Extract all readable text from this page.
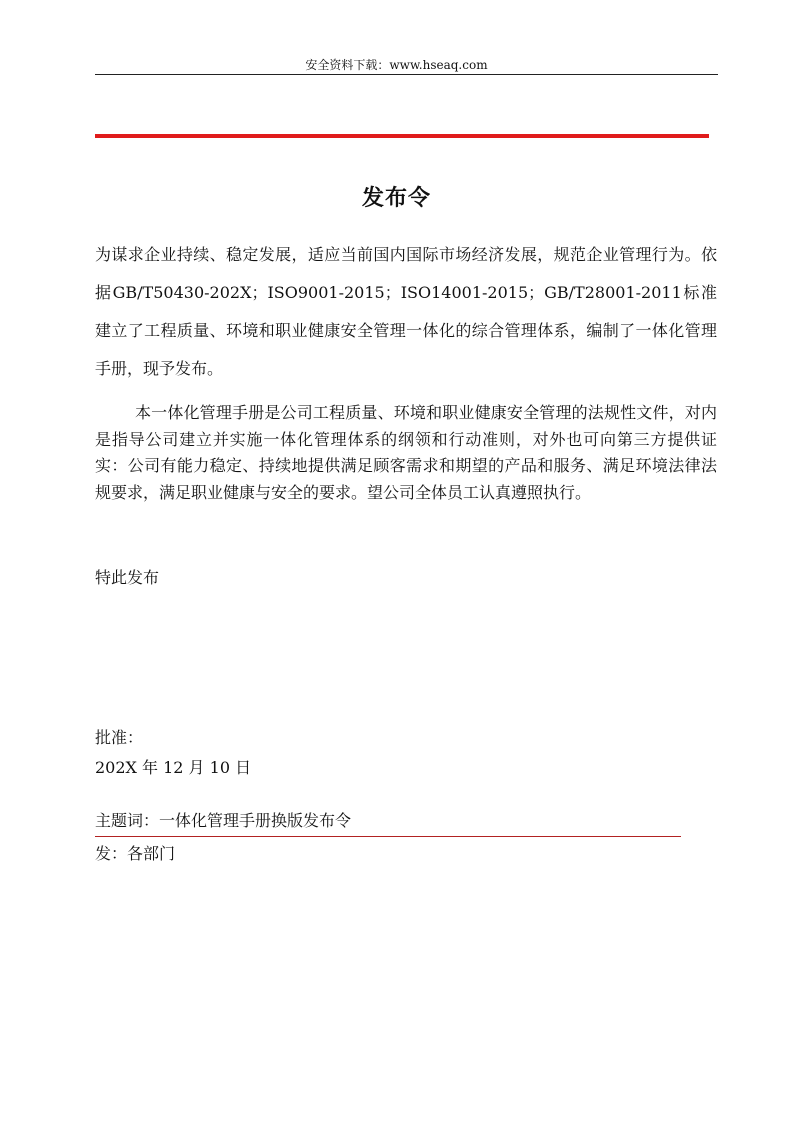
安全资料下载：www.hseaq.com
发布令

为谋求企业持续、稳定发展，适应当前国内国际市场经济发展，规范企业管理行为。依据GB/T50430-202X；ISO9001-2015；ISO14001-2015；GB/T28001-2011标准建立了工程质量、环境和职业健康安全管理一体化的综合管理体系，编制了一体化管理手册，现予发布。

本一体化管理手册是公司工程质量、环境和职业健康安全管理的法规性文件，对内是指导公司建立并实施一体化管理体系的纲领和行动准则，对外也可向第三方提供证实：公司有能力稳定、持续地提供满足顾客需求和期望的产品和服务、满足环境法律法规要求，满足职业健康与安全的要求。望公司全体员工认真遵照执行。

特此发布

批准：

202X 年 12 月 10 日

主题词：一体化管理手册换版发布令

发：各部门
